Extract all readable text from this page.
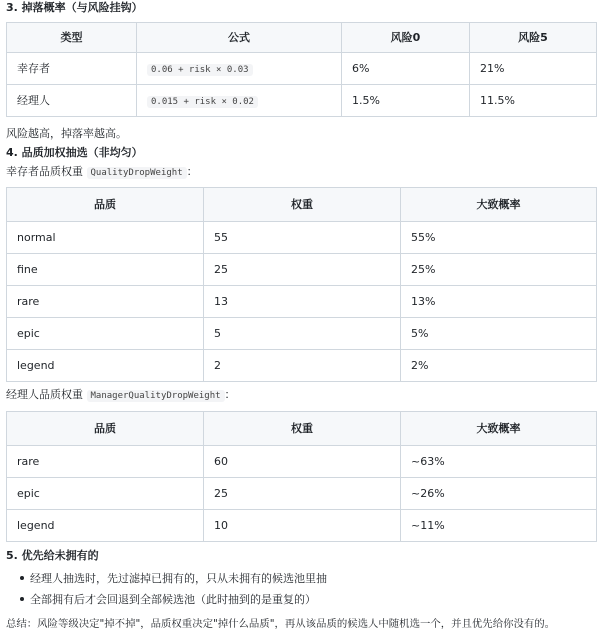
3. 掉落概率（与风险挂钩）
类型	公式	风险0	风险5
幸存者	0.06 + risk × 0.03	6%	21%
经理人	0.015 + risk × 0.02	1.5%	11.5%
风险越高，掉落率越高。
4. 品质加权抽选（非均匀）
幸存者品质权重 QualityDropWeight ：
品质	权重	大致概率
normal	55	55%
fine	25	25%
rare	13	13%
epic	5	5%
legend	2	2%
经理人品质权重 ManagerQualityDropWeight ：
品质	权重	大致概率
rare	60	~63%
epic	25	~26%
legend	10	~11%
5. 优先给未拥有的
经理人抽选时，先过滤掉已拥有的，只从未拥有的候选池里抽
全部拥有后才会回退到全部候选池（此时抽到的是重复的）
总结：风险等级决定"掉不掉"，品质权重决定"掉什么品质"，再从该品质的候选人中随机选一个，并且优先给你没有的。
